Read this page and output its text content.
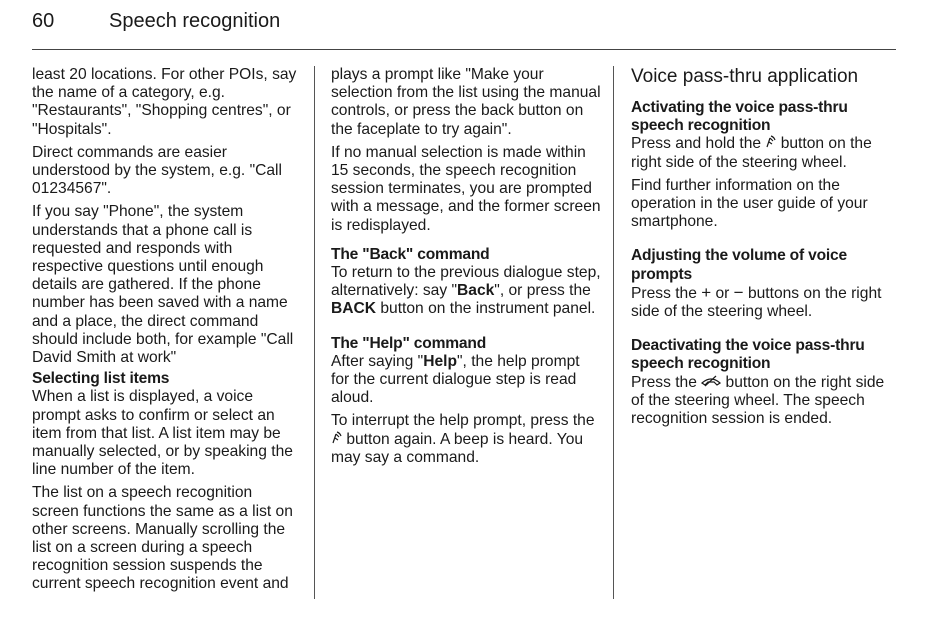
60	Speech recognition

least 20 locations. For other POIs, say the name of a category, e.g. "Restaurants", "Shopping centres", or "Hospitals".

Direct commands are easier understood by the system, e.g. "Call 01234567".

If you say "Phone", the system understands that a phone call is requested and responds with respective questions until enough details are gathered. If the phone number has been saved with a name and a place, the direct command should include both, for example "Call David Smith at work"

Selecting list items

When a list is displayed, a voice prompt asks to confirm or select an item from that list. A list item may be manually selected, or by speaking the line number of the item.

The list on a speech recognition screen functions the same as a list on other screens. Manually scrolling the list on a screen during a speech recognition session suspends the current speech recognition event and

plays a prompt like "Make your selection from the list using the manual controls, or press the back button on the faceplate to try again".

If no manual selection is made within 15 seconds, the speech recognition session terminates, you are prompted with a message, and the former screen is redisplayed.

The "Back" command

To return to the previous dialogue step, alternatively: say "Back", or press the BACK button on the instrument panel.

The "Help" command

After saying "Help", the help prompt for the current dialogue step is read aloud.

To interrupt the help prompt, press the  button again. A beep is heard. You may say a command.

Voice pass-thru application
Activating the voice pass-thru speech recognition

Press and hold the  button on the right side of the steering wheel.

Find further information on the operation in the user guide of your smartphone.

Adjusting the volume of voice prompts

Press the + or − buttons on the right side of the steering wheel.

Deactivating the voice pass-thru speech recognition

Press the  button on the right side of the steering wheel. The speech recognition session is ended.
